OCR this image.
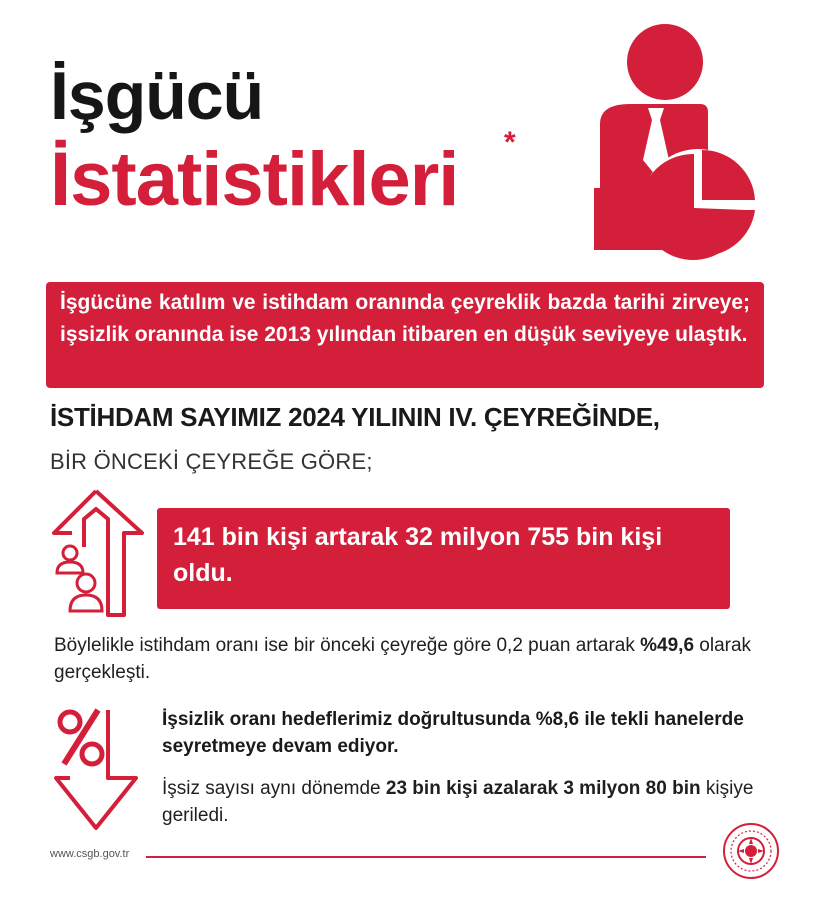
İşgücü
İstatistikleri *
İşgücüne katılım ve istihdam oranında çeyreklik bazda tarihi zirveye; işsizlik oranında ise 2013 yılından itibaren en düşük seviyeye ulaştık.
İSTİHDAM SAYIMIZ 2024 YILININ IV. ÇEYREĞİNDE,
BİR ÖNCEKİ ÇEYREĞE GÖRE;
141 bin kişi artarak 32 milyon 755 bin kişi oldu.
Böylelikle istihdam oranı ise bir önceki çeyreğe göre 0,2 puan artarak %49,6 olarak gerçekleşti.
İşsizlik oranı hedeflerimiz doğrultusunda %8,6 ile tekli hanelerde seyretmeye devam ediyor.
İşsiz sayısı aynı dönemde 23 bin kişi azalarak 3 milyon 80 bin kişiye geriledi.
www.csgb.gov.tr
